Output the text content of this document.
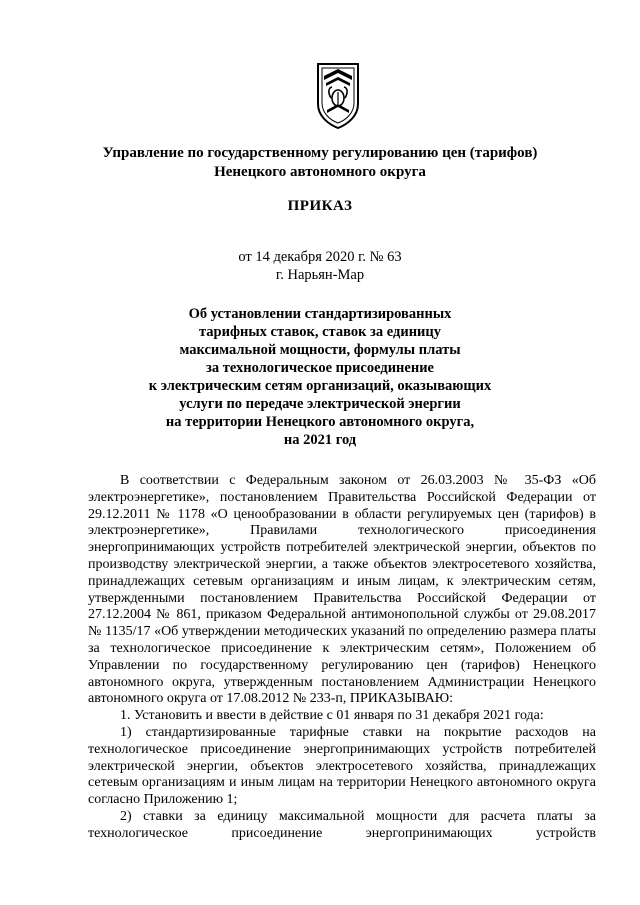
Управление по государственному регулированию цен (тарифов)
Ненецкого автономного округа
ПРИКАЗ
от 14 декабря 2020 г. № 63
г. Нарьян-Мар
Об установлении стандартизированных
тарифных ставок, ставок за единицу
максимальной мощности, формулы платы
за технологическое присоединение
к электрическим сетям организаций, оказывающих
услуги по передаче электрической энергии
на территории Ненецкого автономного округа,
на 2021 год

В соответствии с Федеральным законом от 26.03.2003 № 35-ФЗ «Об электроэнергетике», постановлением Правительства Российской Федерации от 29.12.2011 № 1178 «О ценообразовании в области регулируемых цен (тарифов) в электроэнергетике», Правилами технологического присоединения энергопринимающих устройств потребителей электрической энергии, объектов по производству электрической энергии, а также объектов электросетевого хозяйства, принадлежащих сетевым организациям и иным лицам, к электрическим сетям, утвержденными постановлением Правительства Российской Федерации от 27.12.2004 № 861, приказом Федеральной антимонопольной службы от 29.08.2017 № 1135/17 «Об утверждении методических указаний по определению размера платы за технологическое присоединение к электрическим сетям», Положением об Управлении по государственному регулированию цен (тарифов) Ненецкого автономного округа, утвержденным постановлением Администрации Ненецкого автономного округа от 17.08.2012 № 233-п, ПРИКАЗЫВАЮ:

1. Установить и ввести в действие с 01 января по 31 декабря 2021 года:

1) стандартизированные тарифные ставки на покрытие расходов на технологическое присоединение энергопринимающих устройств потребителей электрической энергии, объектов электросетевого хозяйства, принадлежащих сетевым организациям и иным лицам на территории Ненецкого автономного округа согласно Приложению 1;

2) ставки за единицу максимальной мощности для расчета платы за технологическое присоединение энергопринимающих устройств
